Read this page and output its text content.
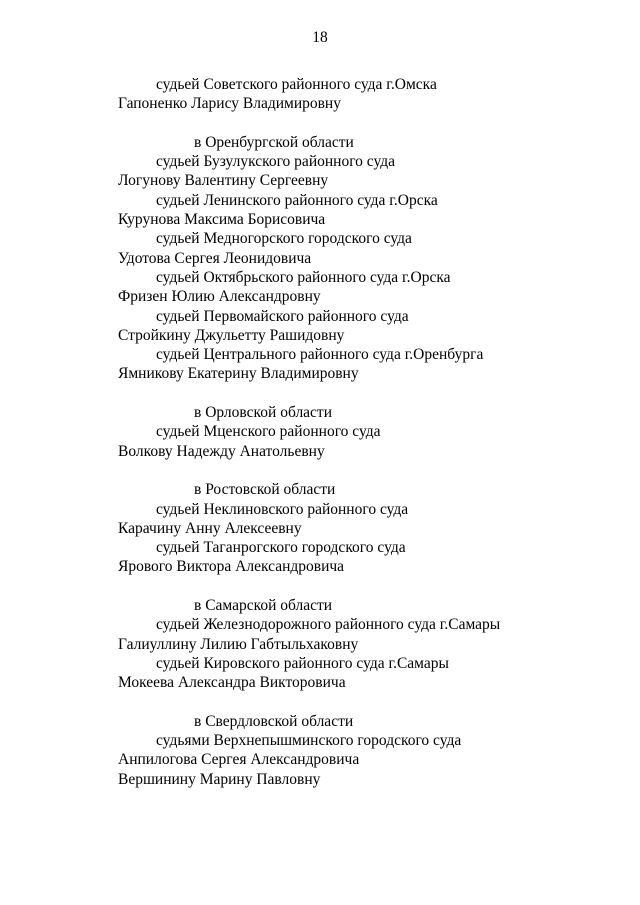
18
судьей Советского районного суда г.Омска
Гапоненко Ларису Владимировну
в Оренбургской области
судьей Бузулукского районного суда
Логунову Валентину Сергеевну
судьей Ленинского районного суда г.Орска
Курунова Максима Борисовича
судьей Медногорского городского суда
Удотова Сергея Леонидовича
судьей Октябрьского районного суда г.Орска
Фризен Юлию Александровну
судьей Первомайского районного суда
Стройкину Джульетту Рашидовну
судьей Центрального районного суда г.Оренбурга
Ямникову Екатерину Владимировну
в Орловской области
судьей Мценского районного суда
Волкову Надежду Анатольевну
в Ростовской области
судьей Неклиновского районного суда
Карачину Анну Алексеевну
судьей Таганрогского городского суда
Ярового Виктора Александровича
в Самарской области
судьей Железнодорожного районного суда г.Самары
Галиуллину Лилию Габтыльхаковну
судьей Кировского районного суда г.Самары
Мокеева Александра Викторовича
в Свердловской области
судьями Верхнепышминского городского суда
Анпилогова Сергея Александровича
Вершинину Марину Павловну
